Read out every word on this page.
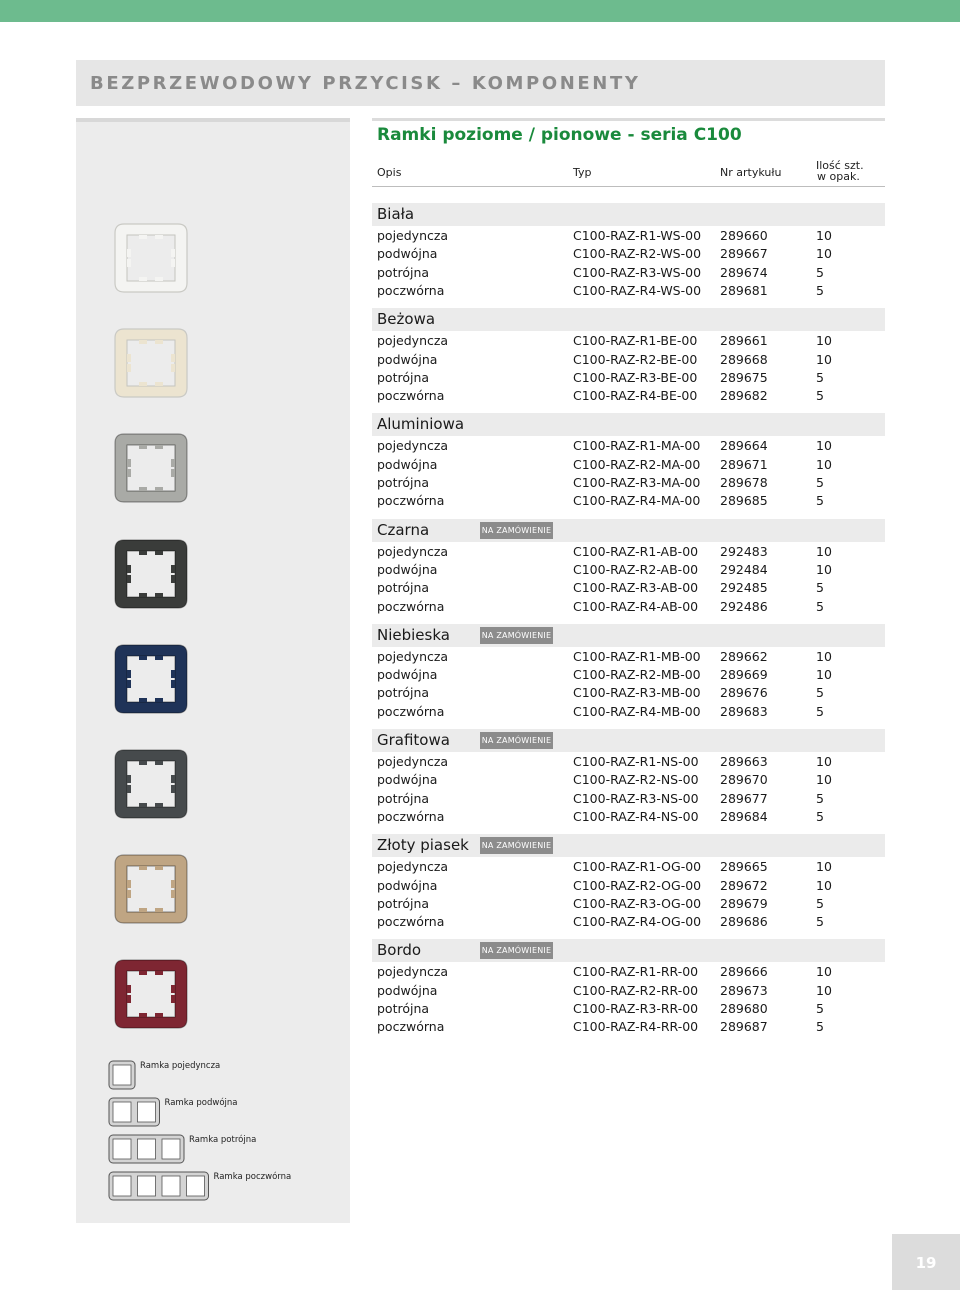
BEZPRZEWODOWY PRZYCISK – KOMPONENTY
Ramki poziome / pionowe - seria C100
Opis	Typ	Nr artykułu
Ilość szt.
w opak.
Biała
pojedyncza	C100-RAZ-R1-WS-00 289660	10
podwójna	C100-RAZ-R2-WS-00 289667	10
potrójna	C100-RAZ-R3-WS-00 289674	5
poczwórna	C100-RAZ-R4-WS-00 289681	5
Beżowa
pojedyncza	C100-RAZ-R1-BE-00 289661	10
podwójna	C100-RAZ-R2-BE-00 289668	10
potrójna	C100-RAZ-R3-BE-00 289675	5
poczwórna	C100-RAZ-R4-BE-00 289682	5
Aluminiowa
pojedyncza	C100-RAZ-R1-MA-00 289664	10
podwójna	C100-RAZ-R2-MA-00 289671	10
potrójna	C100-RAZ-R3-MA-00 289678	5
poczwórna	C100-RAZ-R4-MA-00 289685	5
Czarna	NA ZAMÓWIENIE
pojedyncza	C100-RAZ-R1-AB-00 292483	10
podwójna	C100-RAZ-R2-AB-00 292484	10
potrójna	C100-RAZ-R3-AB-00 292485	5
poczwórna	C100-RAZ-R4-AB-00 292486	5
Niebieska	NA ZAMÓWIENIE
pojedyncza	C100-RAZ-R1-MB-00 289662	10
podwójna	C100-RAZ-R2-MB-00 289669	10
potrójna	C100-RAZ-R3-MB-00 289676	5
poczwórna	C100-RAZ-R4-MB-00 289683	5
Grafitowa	NA ZAMÓWIENIE
pojedyncza	C100-RAZ-R1-NS-00 289663	10
podwójna	C100-RAZ-R2-NS-00 289670	10
potrójna	C100-RAZ-R3-NS-00 289677	5
poczwórna	C100-RAZ-R4-NS-00 289684	5
Złoty piasek NA ZAMÓWIENIE
pojedyncza	C100-RAZ-R1-OG-00 289665	10
podwójna	C100-RAZ-R2-OG-00 289672	10
potrójna	C100-RAZ-R3-OG-00 289679	5
poczwórna	C100-RAZ-R4-OG-00 289686	5
Bordo	NA ZAMÓWIENIE
pojedyncza	C100-RAZ-R1-RR-00 289666	10
podwójna	C100-RAZ-R2-RR-00 289673	10
potrójna	C100-RAZ-R3-RR-00 289680	5
poczwórna	C100-RAZ-R4-RR-00 289687	5
Ramka pojedyncza
Ramka podwójna
Ramka potrójna
Ramka poczwórna
19
